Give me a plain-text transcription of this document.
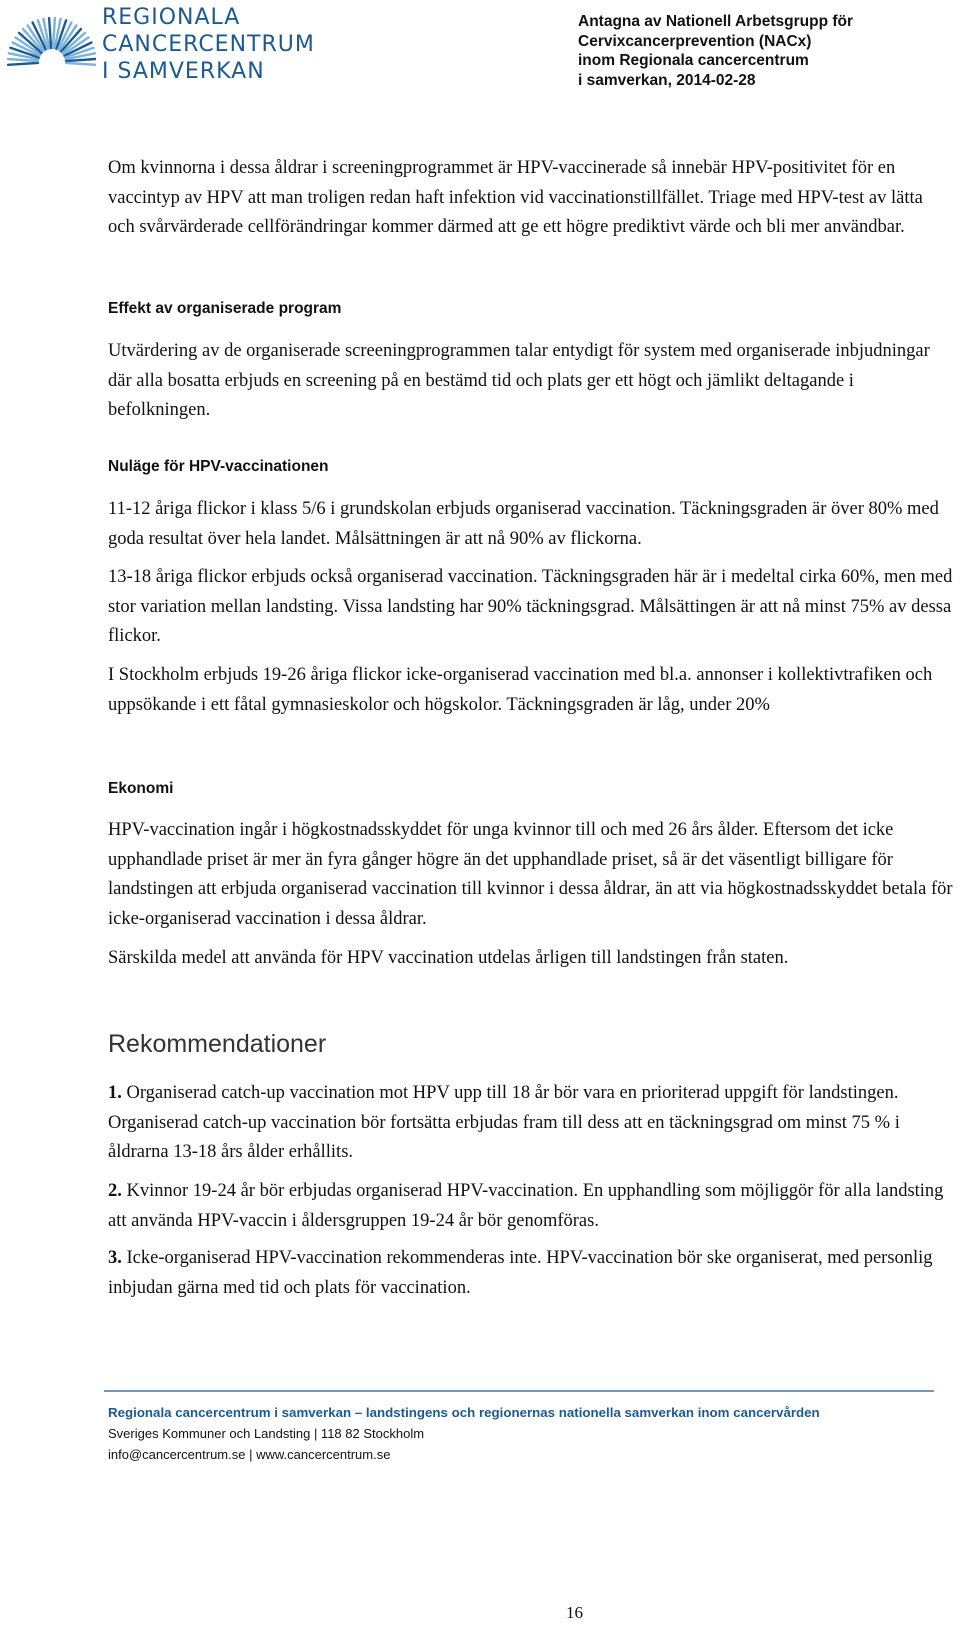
REGIONALA
CANCERCENTRUM
I SAMVERKAN
Antagna av Nationell Arbetsgrupp för
Cervixcancerprevention (NACx)
inom Regionala cancercentrum
i samverkan, 2014-02-28

Om kvinnorna i dessa åldrar i screeningprogrammet är HPV-vaccinerade så innebär HPV-positivitet för en vaccintyp av HPV att man troligen redan haft infektion vid vaccinationstillfället. Triage med HPV-test av lätta och svårvärderade cellförändringar kommer därmed att ge ett högre prediktivt värde och bli mer användbar.

Effekt av organiserade program

Utvärdering av de organiserade screeningprogrammen talar entydigt för system med organiserade inbjudningar där alla bosatta erbjuds en screening på en bestämd tid och plats ger ett högt och jämlikt deltagande i befolkningen.

Nuläge för HPV-vaccinationen

11-12 åriga flickor i klass 5/6 i grundskolan erbjuds organiserad vaccination. Täckningsgraden är över 80% med goda resultat över hela landet. Målsättningen är att nå 90% av flickorna.

13-18 åriga flickor erbjuds också organiserad vaccination. Täckningsgraden här är i medeltal cirka 60%, men med stor variation mellan landsting. Vissa landsting har 90% täckningsgrad. Målsättingen är att nå minst 75% av dessa flickor.

I Stockholm erbjuds 19-26 åriga flickor icke-organiserad vaccination med bl.a. annonser i kollektivtrafiken och uppsökande i ett fåtal gymnasieskolor och högskolor. Täckningsgraden är låg, under 20%

Ekonomi

HPV-vaccination ingår i högkostnadsskyddet för unga kvinnor till och med 26 års ålder. Eftersom det icke upphandlade priset är mer än fyra gånger högre än det upphandlade priset, så är det väsentligt billigare för landstingen att erbjuda organiserad vaccination till kvinnor i dessa åldrar, än att via högkostnadsskyddet betala för icke-organiserad vaccination i dessa åldrar.

Särskilda medel att använda för HPV vaccination utdelas årligen till landstingen från staten.

Rekommendationer

1. Organiserad catch-up vaccination mot HPV upp till 18 år bör vara en prioriterad uppgift för landstingen. Organiserad catch-up vaccination bör fortsätta erbjudas fram till dess att en täckningsgrad om minst 75 % i åldrarna 13-18 års ålder erhållits.

2. Kvinnor 19-24 år bör erbjudas organiserad HPV-vaccination. En upphandling som möjliggör för alla landsting att använda HPV-vaccin i åldersgruppen 19-24 år bör genomföras.

3. Icke-organiserad HPV-vaccination rekommenderas inte. HPV-vaccination bör ske organiserat, med personlig inbjudan gärna med tid och plats för vaccination.

Regionala cancercentrum i samverkan – landstingens och regionernas nationella samverkan inom cancervården
Sveriges Kommuner och Landsting | 118 82 Stockholm
info@cancercentrum.se | www.cancercentrum.se
16
